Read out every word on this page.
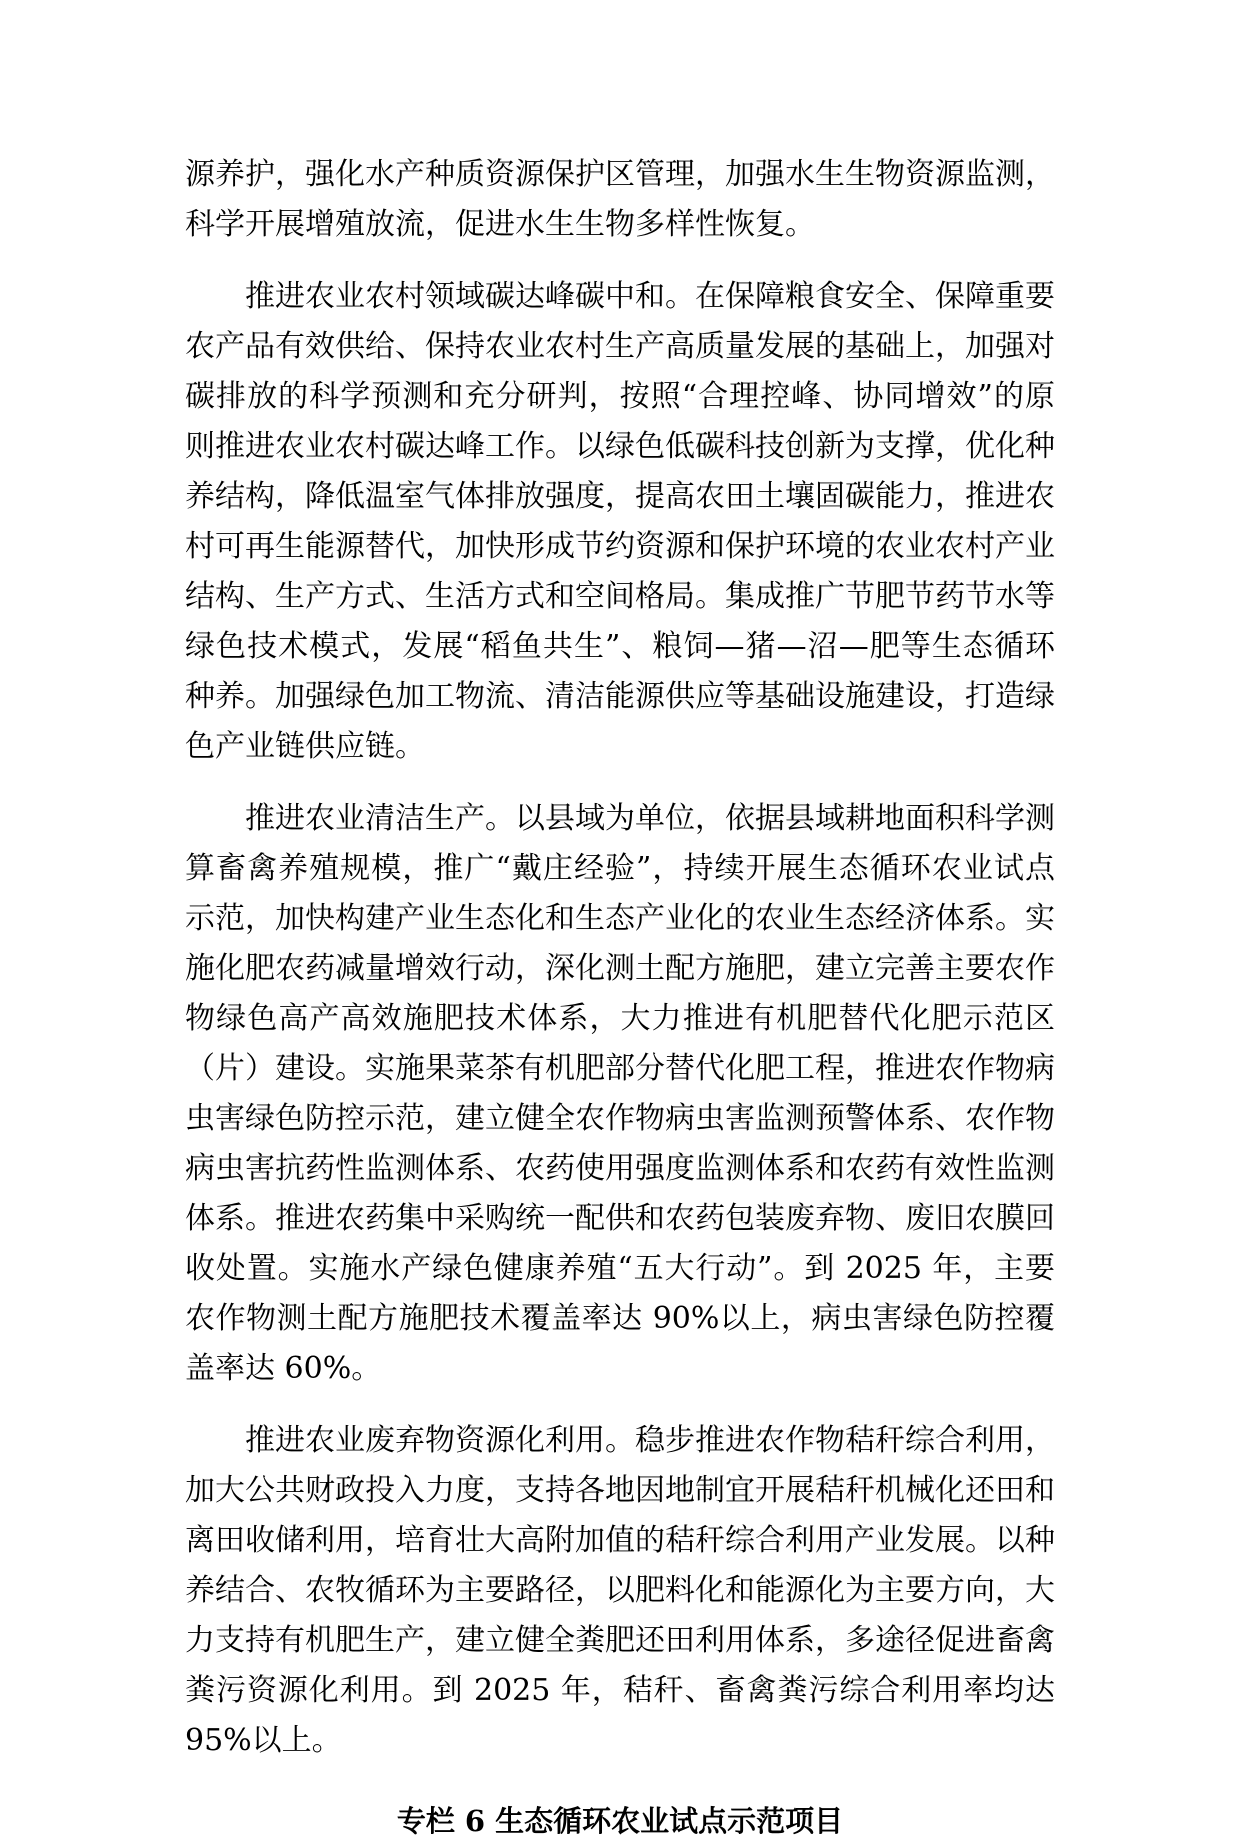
源养护，强化水产种质资源保护区管理，加强水生生物资源监测，科学开展增殖放流，促进水生生物多样性恢复。

推进农业农村领域碳达峰碳中和。在保障粮食安全、保障重要农产品有效供给、保持农业农村生产高质量发展的基础上，加强对碳排放的科学预测和充分研判，按照“合理控峰、协同增效”的原则推进农业农村碳达峰工作。以绿色低碳科技创新为支撑，优化种养结构，降低温室气体排放强度，提高农田土壤固碳能力，推进农村可再生能源替代，加快形成节约资源和保护环境的农业农村产业结构、生产方式、生活方式和空间格局。集成推广节肥节药节水等绿色技术模式，发展“稻鱼共生”、粮饲—猪—沼—肥等生态循环种养。加强绿色加工物流、清洁能源供应等基础设施建设，打造绿色产业链供应链。

推进农业清洁生产。以县域为单位，依据县域耕地面积科学测算畜禽养殖规模，推广“戴庄经验”，持续开展生态循环农业试点示范，加快构建产业生态化和生态产业化的农业生态经济体系。实施化肥农药减量增效行动，深化测土配方施肥，建立完善主要农作物绿色高产高效施肥技术体系，大力推进有机肥替代化肥示范区（片）建设。实施果菜茶有机肥部分替代化肥工程，推进农作物病虫害绿色防控示范，建立健全农作物病虫害监测预警体系、农作物病虫害抗药性监测体系、农药使用强度监测体系和农药有效性监测体系。推进农药集中采购统一配供和农药包装废弃物、废旧农膜回收处置。实施水产绿色健康养殖“五大行动”。到 2025 年，主要农作物测土配方施肥技术覆盖率达 90%以上，病虫害绿色防控覆盖率达 60%。

推进农业废弃物资源化利用。稳步推进农作物秸秆综合利用，加大公共财政投入力度，支持各地因地制宜开展秸秆机械化还田和离田收储利用，培育壮大高附加值的秸秆综合利用产业发展。以种养结合、农牧循环为主要路径，以肥料化和能源化为主要方向，大力支持有机肥生产，建立健全粪肥还田利用体系，多途径促进畜禽粪污资源化利用。到 2025 年，秸秆、畜禽粪污综合利用率均达 95%以上。

专栏 6 生态循环农业试点示范项目
